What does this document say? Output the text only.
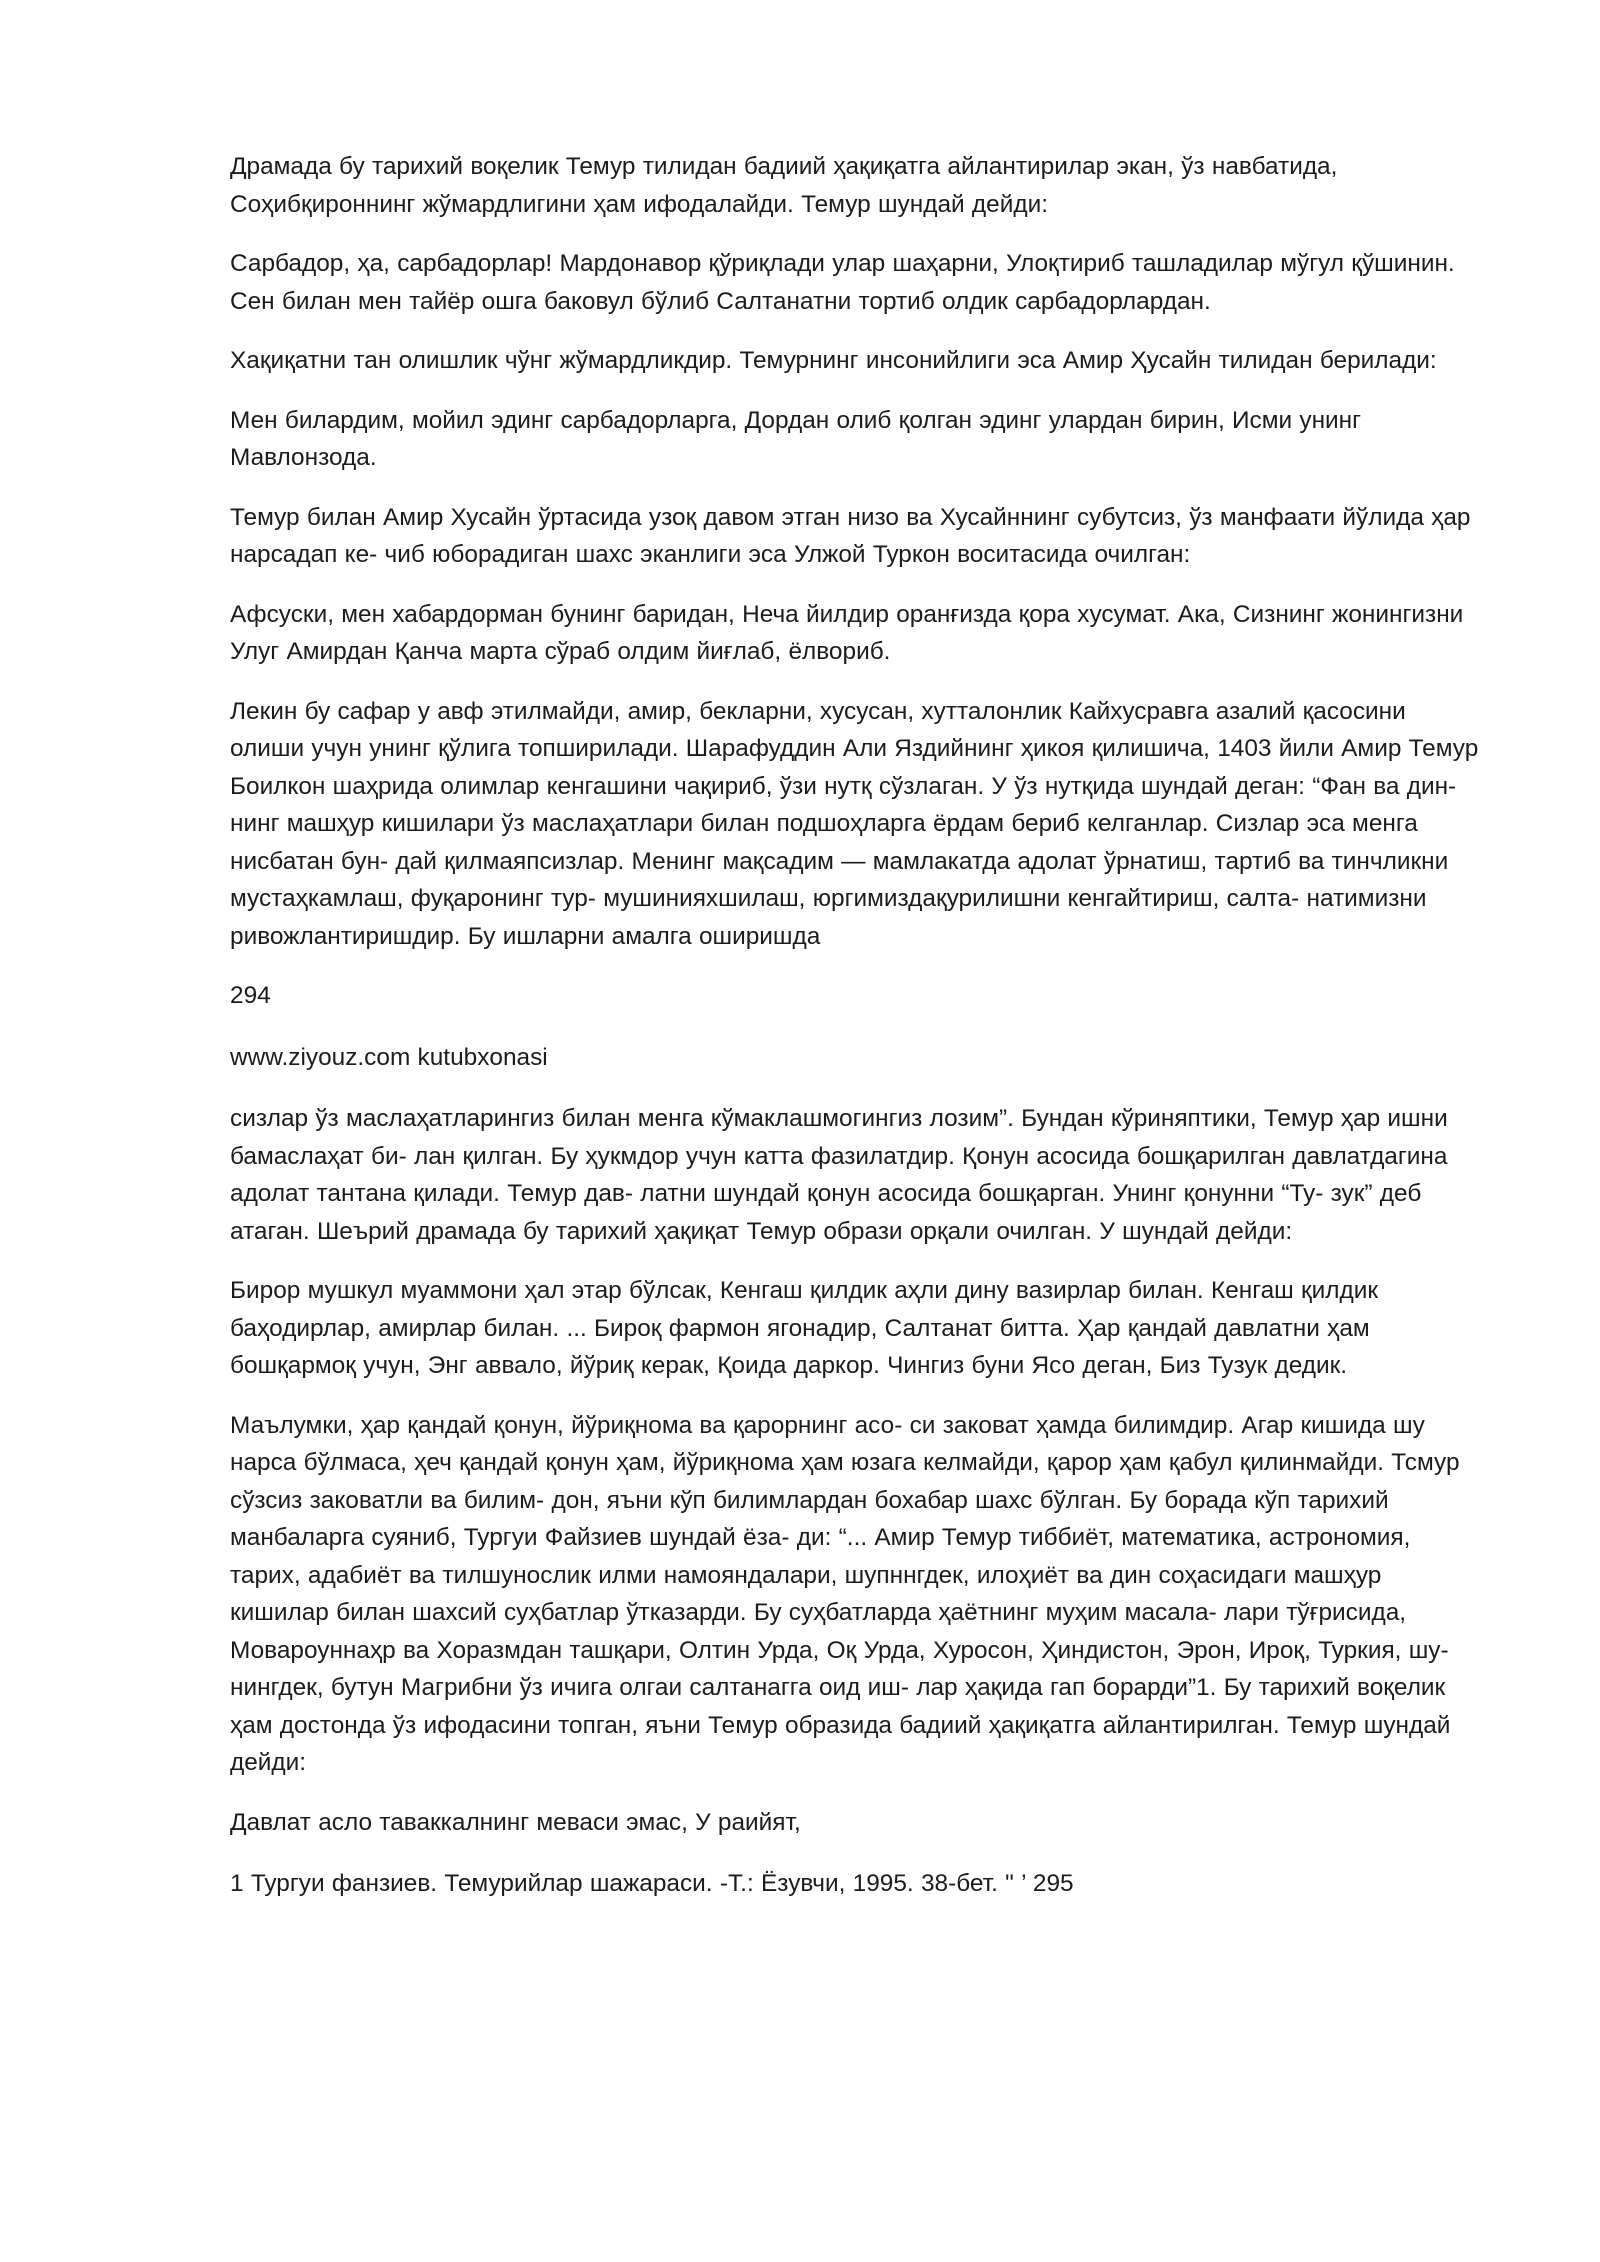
Драмада бу тарихий воқелик Темур тилидан бадиий ҳақиқатга айлантирилар экан, ўз навбатида, Соҳибқироннинг жўмардлигини ҳам ифодалайди. Темур шундай дейди:

Сарбадор, ҳа, сарбадорлар! Мардонавор қўриқлади улар шаҳарни, Улоқтириб ташладилар мўгул қўшинин. Сен билан мен тайёр ошга баковул бўлиб Салтанатни тортиб олдик сарбадорлардан.

Хақиқатни тан олишлик чўнг жўмардликдир. Темурнинг инсонийлиги эса Амир Ҳусайн тилидан берилади:

Мен билардим, мойил эдинг сарбадорларга, Дордан олиб қолган эдинг улардан бирин, Исми унинг Мавлонзода.

Темур билан Амир Хусайн ўртасида узоқ давом этган низо ва Хусайннинг субутсиз, ўз манфаати йўлида ҳар нарсадап ке- чиб юборадиган шахс эканлиги эса Улжой Туркон воситасида очилган:

Афсуски, мен хабардорман бунинг баридан, Неча йилдир оранғизда қора хусумат. Ака, Сизнинг жонингизни Улуг Амирдан Қанча марта сўраб олдим йиғлаб, ёлвориб.

Лекин бу сафар у авф этилмайди, амир, бекларни, хусусан, хутталонлик Кайхусравга азалий қасосини олиши учун унинг қўлига топширилади. Шарафуддин Али Яздийнинг ҳикоя қилишича, 1403 йили Амир Темур Боилкон шаҳрида олимлар кенгашини чақириб, ўзи нутқ сўзлаган. У ўз нутқида шундай деган: “Фан ва дин- нинг машҳур кишилари ўз маслаҳатлари билан подшоҳларга ёрдам бериб келганлар. Сизлар эса менга нисбатан бун- дай қилмаяпсизлар. Менинг мақсадим — мамлакатда адолат ўрнатиш, тартиб ва тинчликни мустаҳкамлаш, фуқаронинг тур- мушинияхшилаш, юргимиздақурилишни кенгайтириш, салта- натимизни ривожлантиришдир. Бу ишларни амалга оширишда

294

www.ziyouz.com kutubxonasi

сизлар ўз маслаҳатларингиз билан менга кўмаклашмогингиз лозим”. Бундан кўриняптики, Темур ҳар ишни бамаслаҳат би- лан қилган. Бу ҳукмдор учун катта фазилатдир. Қонун асосида бошқарилган давлатдагина адолат тантана қилади. Темур дав- латни шундай қонун асосида бошқарган. Унинг қонунни “Ту- зук” деб атаган. Шеърий драмада бу тарихий ҳақиқат Темур образи орқали очилган. У шундай дейди:

Бирор мушкул муаммони ҳал этар бўлсак, Кенгаш қилдик аҳли дину вазирлар билан. Кенгаш қилдик баҳодирлар, амирлар билан. ... Бироқ фармон ягонадир, Салтанат битта. Ҳар қандай давлатни ҳам бошқармоқ учун, Энг аввало, йўриқ керак, Қоида даркор. Чингиз буни Ясо деган, Биз Тузук дедик.

Маълумки, ҳар қандай қонун, йўриқнома ва қарорнинг асо- си заковат ҳамда билимдир. Агар кишида шу нарса бўлмаса, ҳеч қандай қонун ҳам, йўриқнома ҳам юзага келмайди, қарор ҳам қабул қилинмайди. Тсмур сўзсиз заковатли ва билим- дон, яъни кўп билимлардан бохабар шахс бўлган. Бу борада кўп тарихий манбаларга суяниб, Тургуи Файзиев шундай ёза- ди: “... Амир Темур тиббиёт, математика, астрономия, тарих, адабиёт ва тилшунослик илми намояндалари, шупннгдек, илоҳиёт ва дин соҳасидаги машҳур кишилар билан шахсий суҳбатлар ўтказарди. Бу суҳбатларда ҳаётнинг муҳим масала- лари тўғрисида, Мовароуннаҳр ва Хоразмдан ташқари, Олтин Урда, Оқ Урда, Хуросон, Ҳиндистон, Эрон, Ироқ, Туркия, шу- нингдек, бутун Магрибни ўз ичига олгаи салтанагга оид иш- лар ҳақида гап борарди”1. Бу тарихий воқелик ҳам достонда ўз ифодасини топган, яъни Темур образида бадиий ҳақиқатга айлантирилган. Темур шундай дейди:

Давлат асло таваккалнинг меваси эмас, У раийят,

1 Тургуи фанзиев. Темурийлар шажараси. -Т.: Ёзувчи, 1995. 38-бет. " ’ 295
